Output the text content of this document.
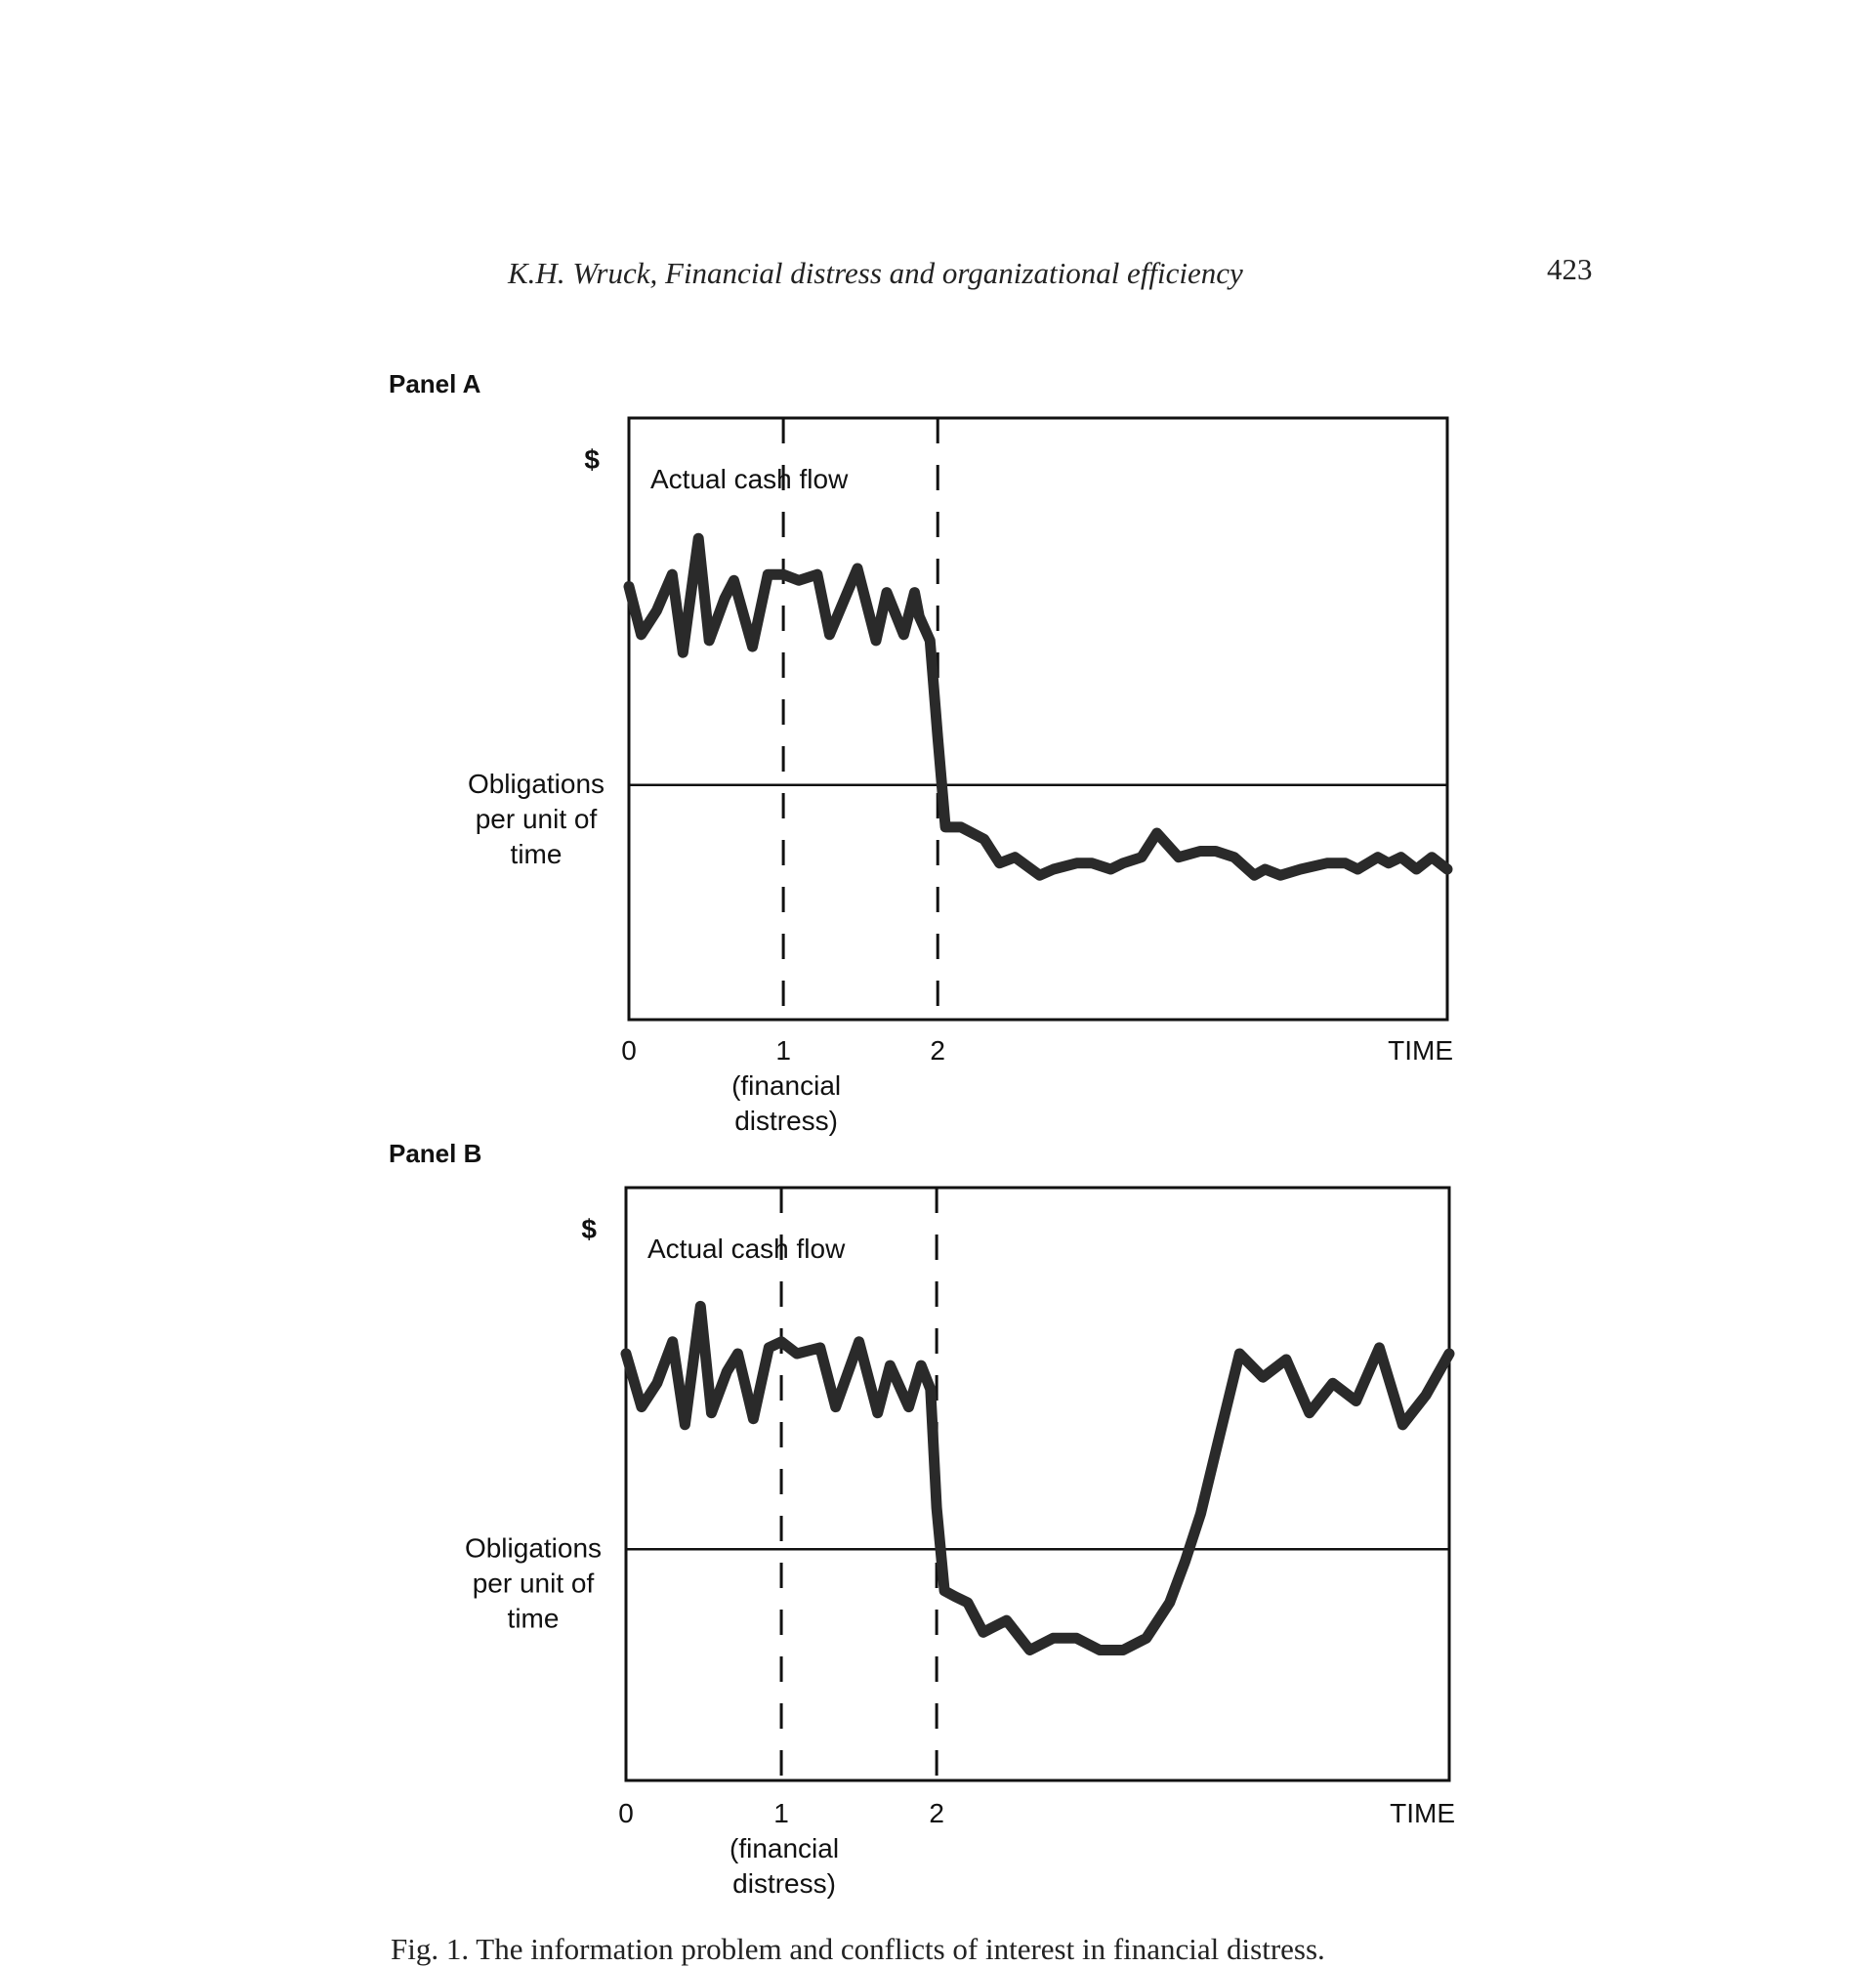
K.H. Wruck, Financial distress and organizational efficiency	423
Panel A
Panel B
$
Actual cash flow
Obligations
per unit of
time
0	1
(financial
distress)
2	TIME
$
Actual cash flow
Obligations
per unit of
time
0	1
(financial
distress)
2	TIME
Fig. 1. The information problem and conflicts of interest in financial distress.
